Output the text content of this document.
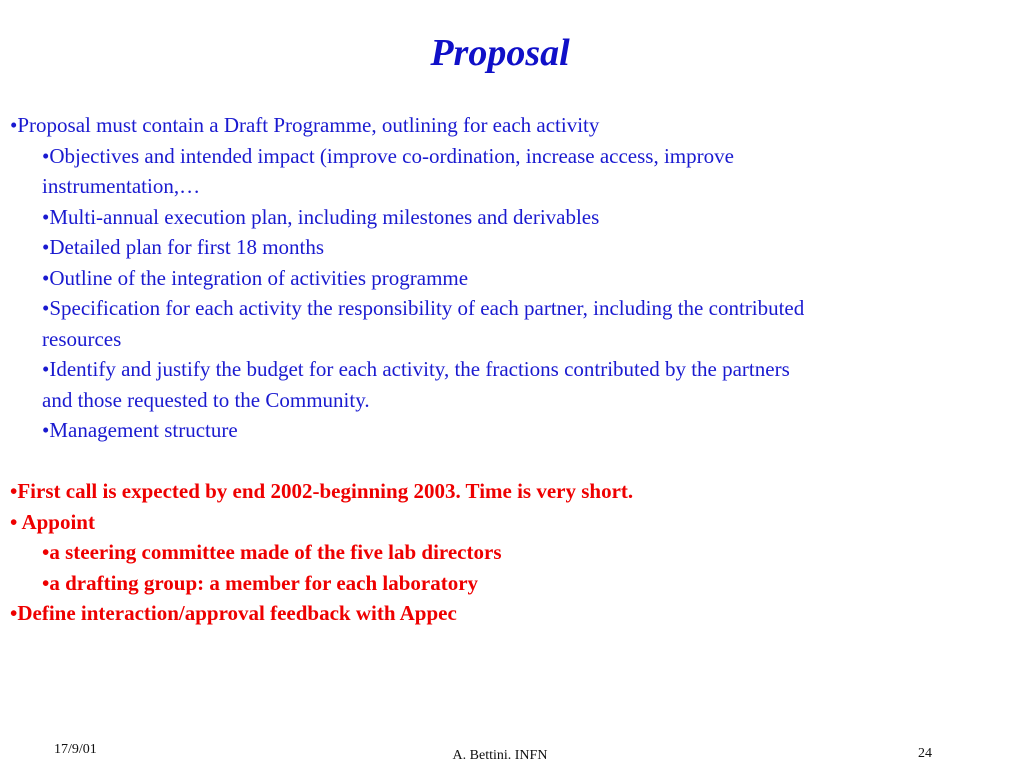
Proposal
•Proposal must contain a Draft Programme, outlining for each activity
•Objectives and intended impact (improve co-ordination, increase access, improve
instrumentation,…
•Multi-annual execution plan, including milestones and derivables
•Detailed plan for first 18 months
•Outline of the integration of activities programme
•Specification for each activity the responsibility of each partner, including the contributed
resources
•Identify and justify the budget for each activity, the fractions contributed by the partners
and those requested to the Community.
•Management structure
•First call is expected by end 2002-beginning 2003. Time is very short.
• Appoint
•a steering committee made of the five lab directors
•a drafting group: a member for each laboratory
•Define interaction/approval feedback with Appec
17/9/01	A. Bettini. INFN	24
